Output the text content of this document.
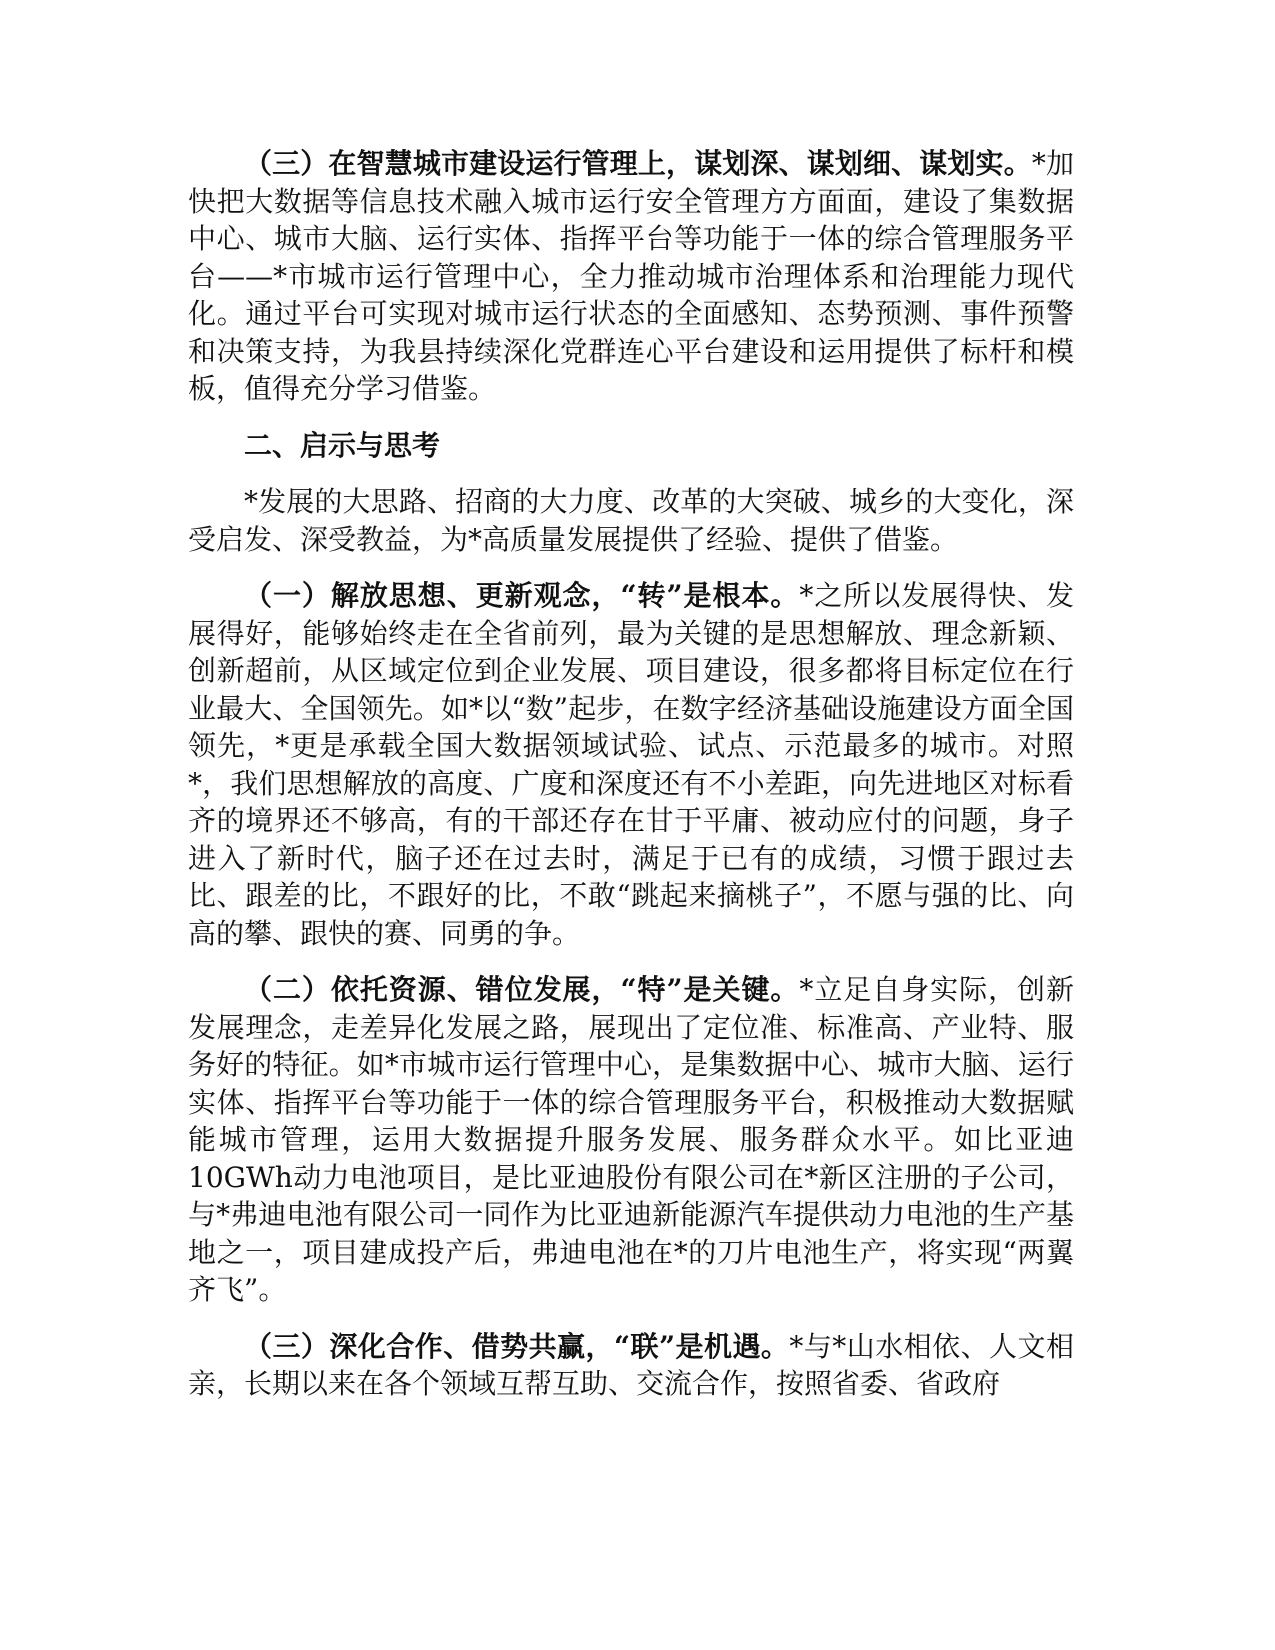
（三）在智慧城市建设运行管理上，谋划深、谋划细、谋划实。*加快把大数据等信息技术融入城市运行安全管理方方面面，建设了集数据中心、城市大脑、运行实体、指挥平台等功能于一体的综合管理服务平台——*市城市运行管理中心，全力推动城市治理体系和治理能力现代化。通过平台可实现对城市运行状态的全面感知、态势预测、事件预警和决策支持，为我县持续深化党群连心平台建设和运用提供了标杆和模板，值得充分学习借鉴。

二、启示与思考

*发展的大思路、招商的大力度、改革的大突破、城乡的大变化，深受启发、深受教益，为*高质量发展提供了经验、提供了借鉴。

（一）解放思想、更新观念，“转”是根本。*之所以发展得快、发展得好，能够始终走在全省前列，最为关键的是思想解放、理念新颖、创新超前，从区域定位到企业发展、项目建设，很多都将目标定位在行业最大、全国领先。如*以“数”起步，在数字经济基础设施建设方面全国领先，*更是承载全国大数据领域试验、试点、示范最多的城市。对照*，我们思想解放的高度、广度和深度还有不小差距，向先进地区对标看齐的境界还不够高，有的干部还存在甘于平庸、被动应付的问题，身子进入了新时代，脑子还在过去时，满足于已有的成绩，习惯于跟过去比、跟差的比，不跟好的比，不敢“跳起来摘桃子”，不愿与强的比、向高的攀、跟快的赛、同勇的争。

（二）依托资源、错位发展，“特”是关键。*立足自身实际，创新发展理念，走差异化发展之路，展现出了定位准、标准高、产业特、服务好的特征。如*市城市运行管理中心，是集数据中心、城市大脑、运行实体、指挥平台等功能于一体的综合管理服务平台，积极推动大数据赋能城市管理，运用大数据提升服务发展、服务群众水平。如比亚迪10GWh动力电池项目，是比亚迪股份有限公司在*新区注册的子公司，与*弗迪电池有限公司一同作为比亚迪新能源汽车提供动力电池的生产基地之一，项目建成投产后，弗迪电池在*的刀片电池生产，将实现“两翼齐飞”。

（三）深化合作、借势共赢，“联”是机遇。*与*山水相依、人文相亲，长期以来在各个领域互帮互助、交流合作，按照省委、省政府
